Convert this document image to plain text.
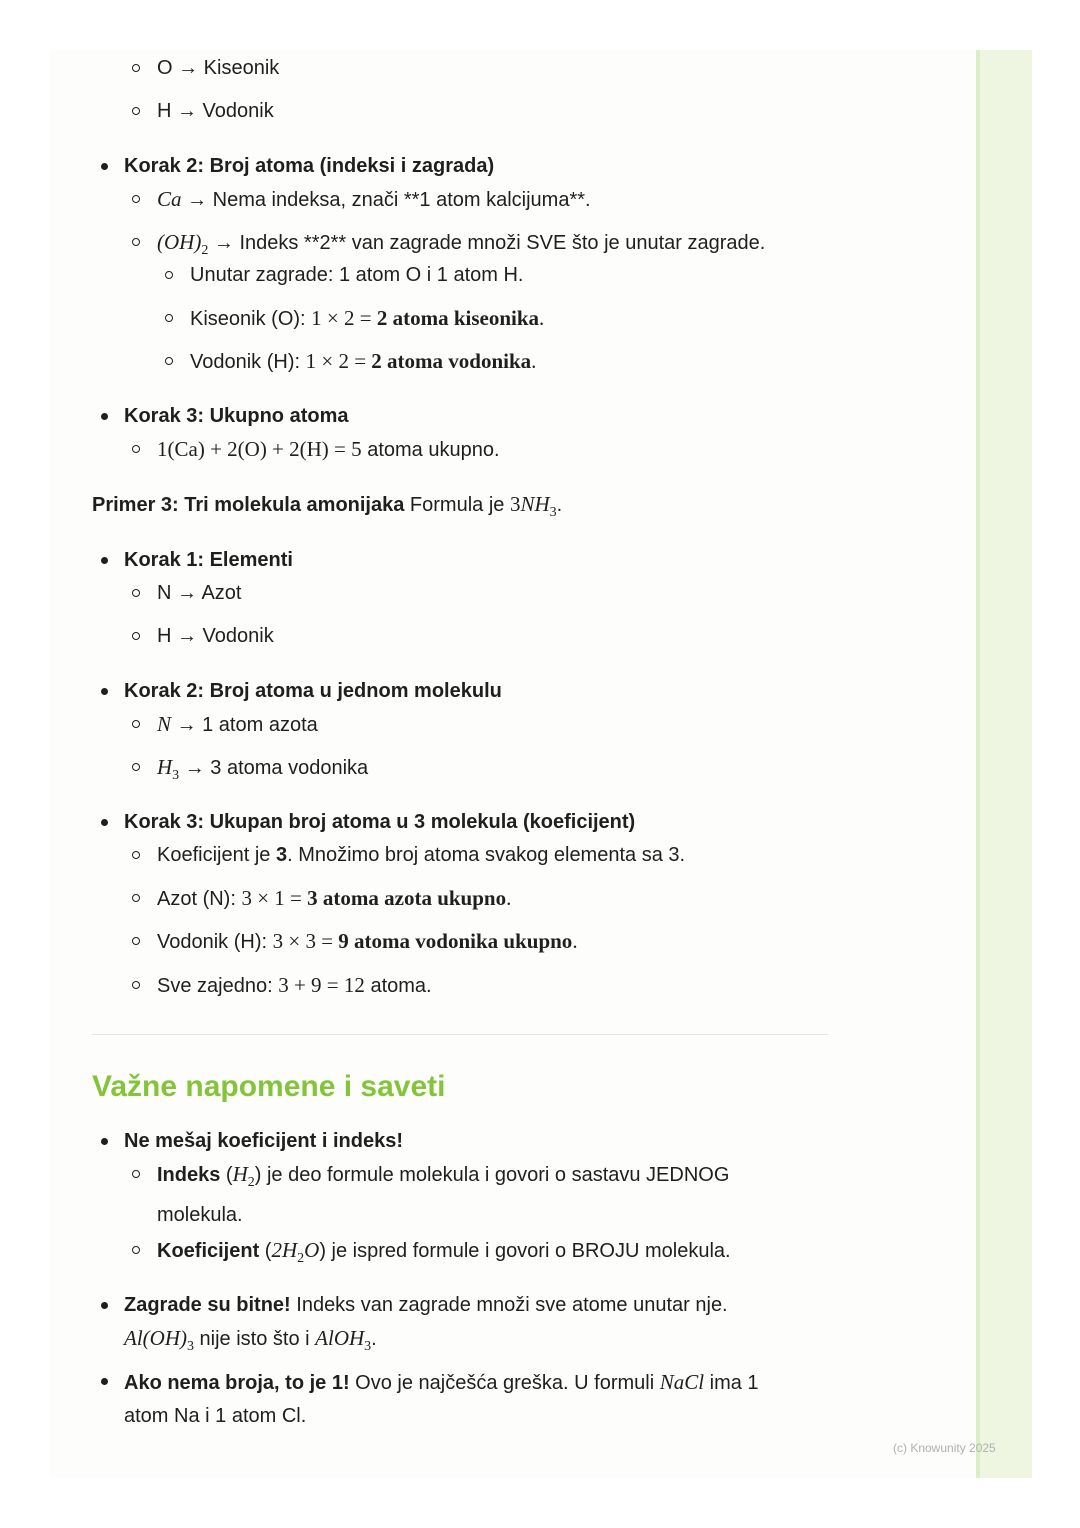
O → Kiseonik
H → Vodonik
Korak 2: Broj atoma (indeksi i zagrada)
Ca → Nema indeksa, znači **1 atom kalcijuma**.
$(OH)_2$ → Indeks **2** van zagrade množi SVE što je unutar zagrade.
Unutar zagrade: 1 atom O i 1 atom H.
Kiseonik (O): 1 × 2 = 2 atoma kiseonika.
Vodonik (H): 1 × 2 = 2 atoma vodonika.
Korak 3: Ukupno atoma
1(Ca) + 2(O) + 2(H) = 5 atoma ukupno.
Primer 3: Tri molekula amonijaka Formula je $3NH_3$.
Korak 1: Elementi
N → Azot
H → Vodonik
Korak 2: Broj atoma u jednom molekulu
N → 1 atom azota
$H_3 \to 3$ atoma vodonika
Korak 3: Ukupan broj atoma u 3 molekula (koeficijent)
Koeficijent je 3. Množimo broj atoma svakog elementa sa 3.
Azot (N): 3 × 1 = 3 atoma azota ukupno.
Vodonik (H): 3 × 3 = 9 atoma vodonika ukupno.
Sve zajedno: 3 + 9 = 12 atoma.
Važne napomene i saveti
Ne mešaj koeficijent i indeks!
Indeks $(H_2)$ je deo formule molekula i govori o sastavu JEDNOG molekula.
Koeficijent $(2H_2O)$ je ispred formule i govori o BROJU molekula.
Zagrade su bitne! Indeks van zagrade množi sve atome unutar nje.
$Al(OH)_3$ nije isto što i AlOH$_3$.
Ako nema broja, to je 1! Ovo je najčešća greška. U formuli NaCl ima 1 atom Na i 1 atom Cl.
(c) Knowunity 2025
